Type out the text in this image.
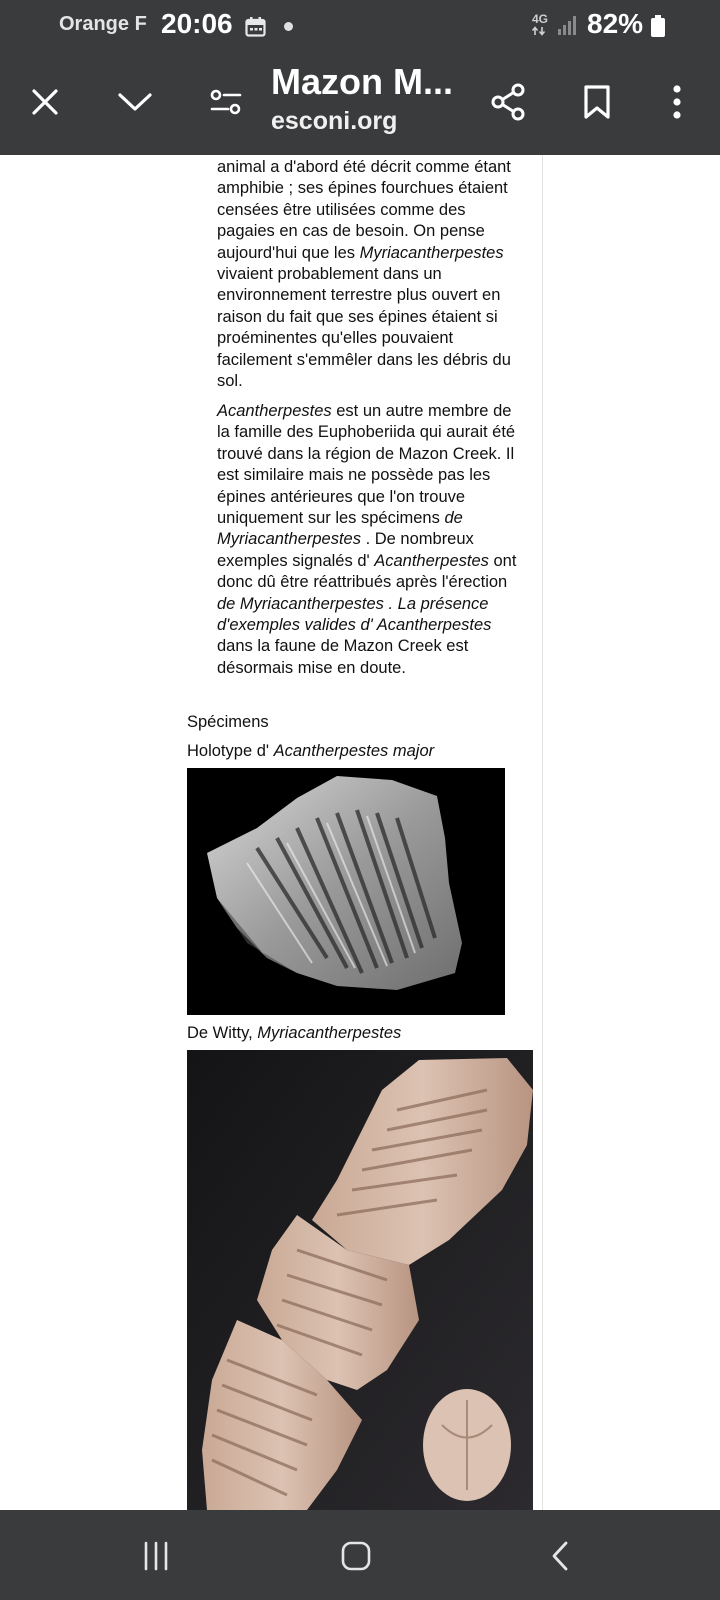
Orange F 20:06	4G 82%
Mazon M...
esconi.org

animal a d'abord été décrit comme étant amphibie ; ses épines fourchues étaient censées être utilisées comme des pagaies en cas de besoin. On pense aujourd'hui que les Myriacantherpestes vivaient probablement dans un environnement terrestre plus ouvert en raison du fait que ses épines étaient si proéminentes qu'elles pouvaient facilement s'emmêler dans les débris du sol.

Acantherpestes est un autre membre de la famille des Euphoberiida qui aurait été trouvé dans la région de Mazon Creek. Il est similaire mais ne possède pas les épines antérieures que l'on trouve uniquement sur les spécimens de Myriacantherpestes . De nombreux exemples signalés d' Acantherpestes ont donc dû être réattribués après l'érection de Myriacantherpestes . La présence d'exemples valides d' Acantherpestes dans la faune de Mazon Creek est désormais mise en doute.

Spécimens
Holotype d' Acantherpestes major
De Witty, Myriacantherpestes
